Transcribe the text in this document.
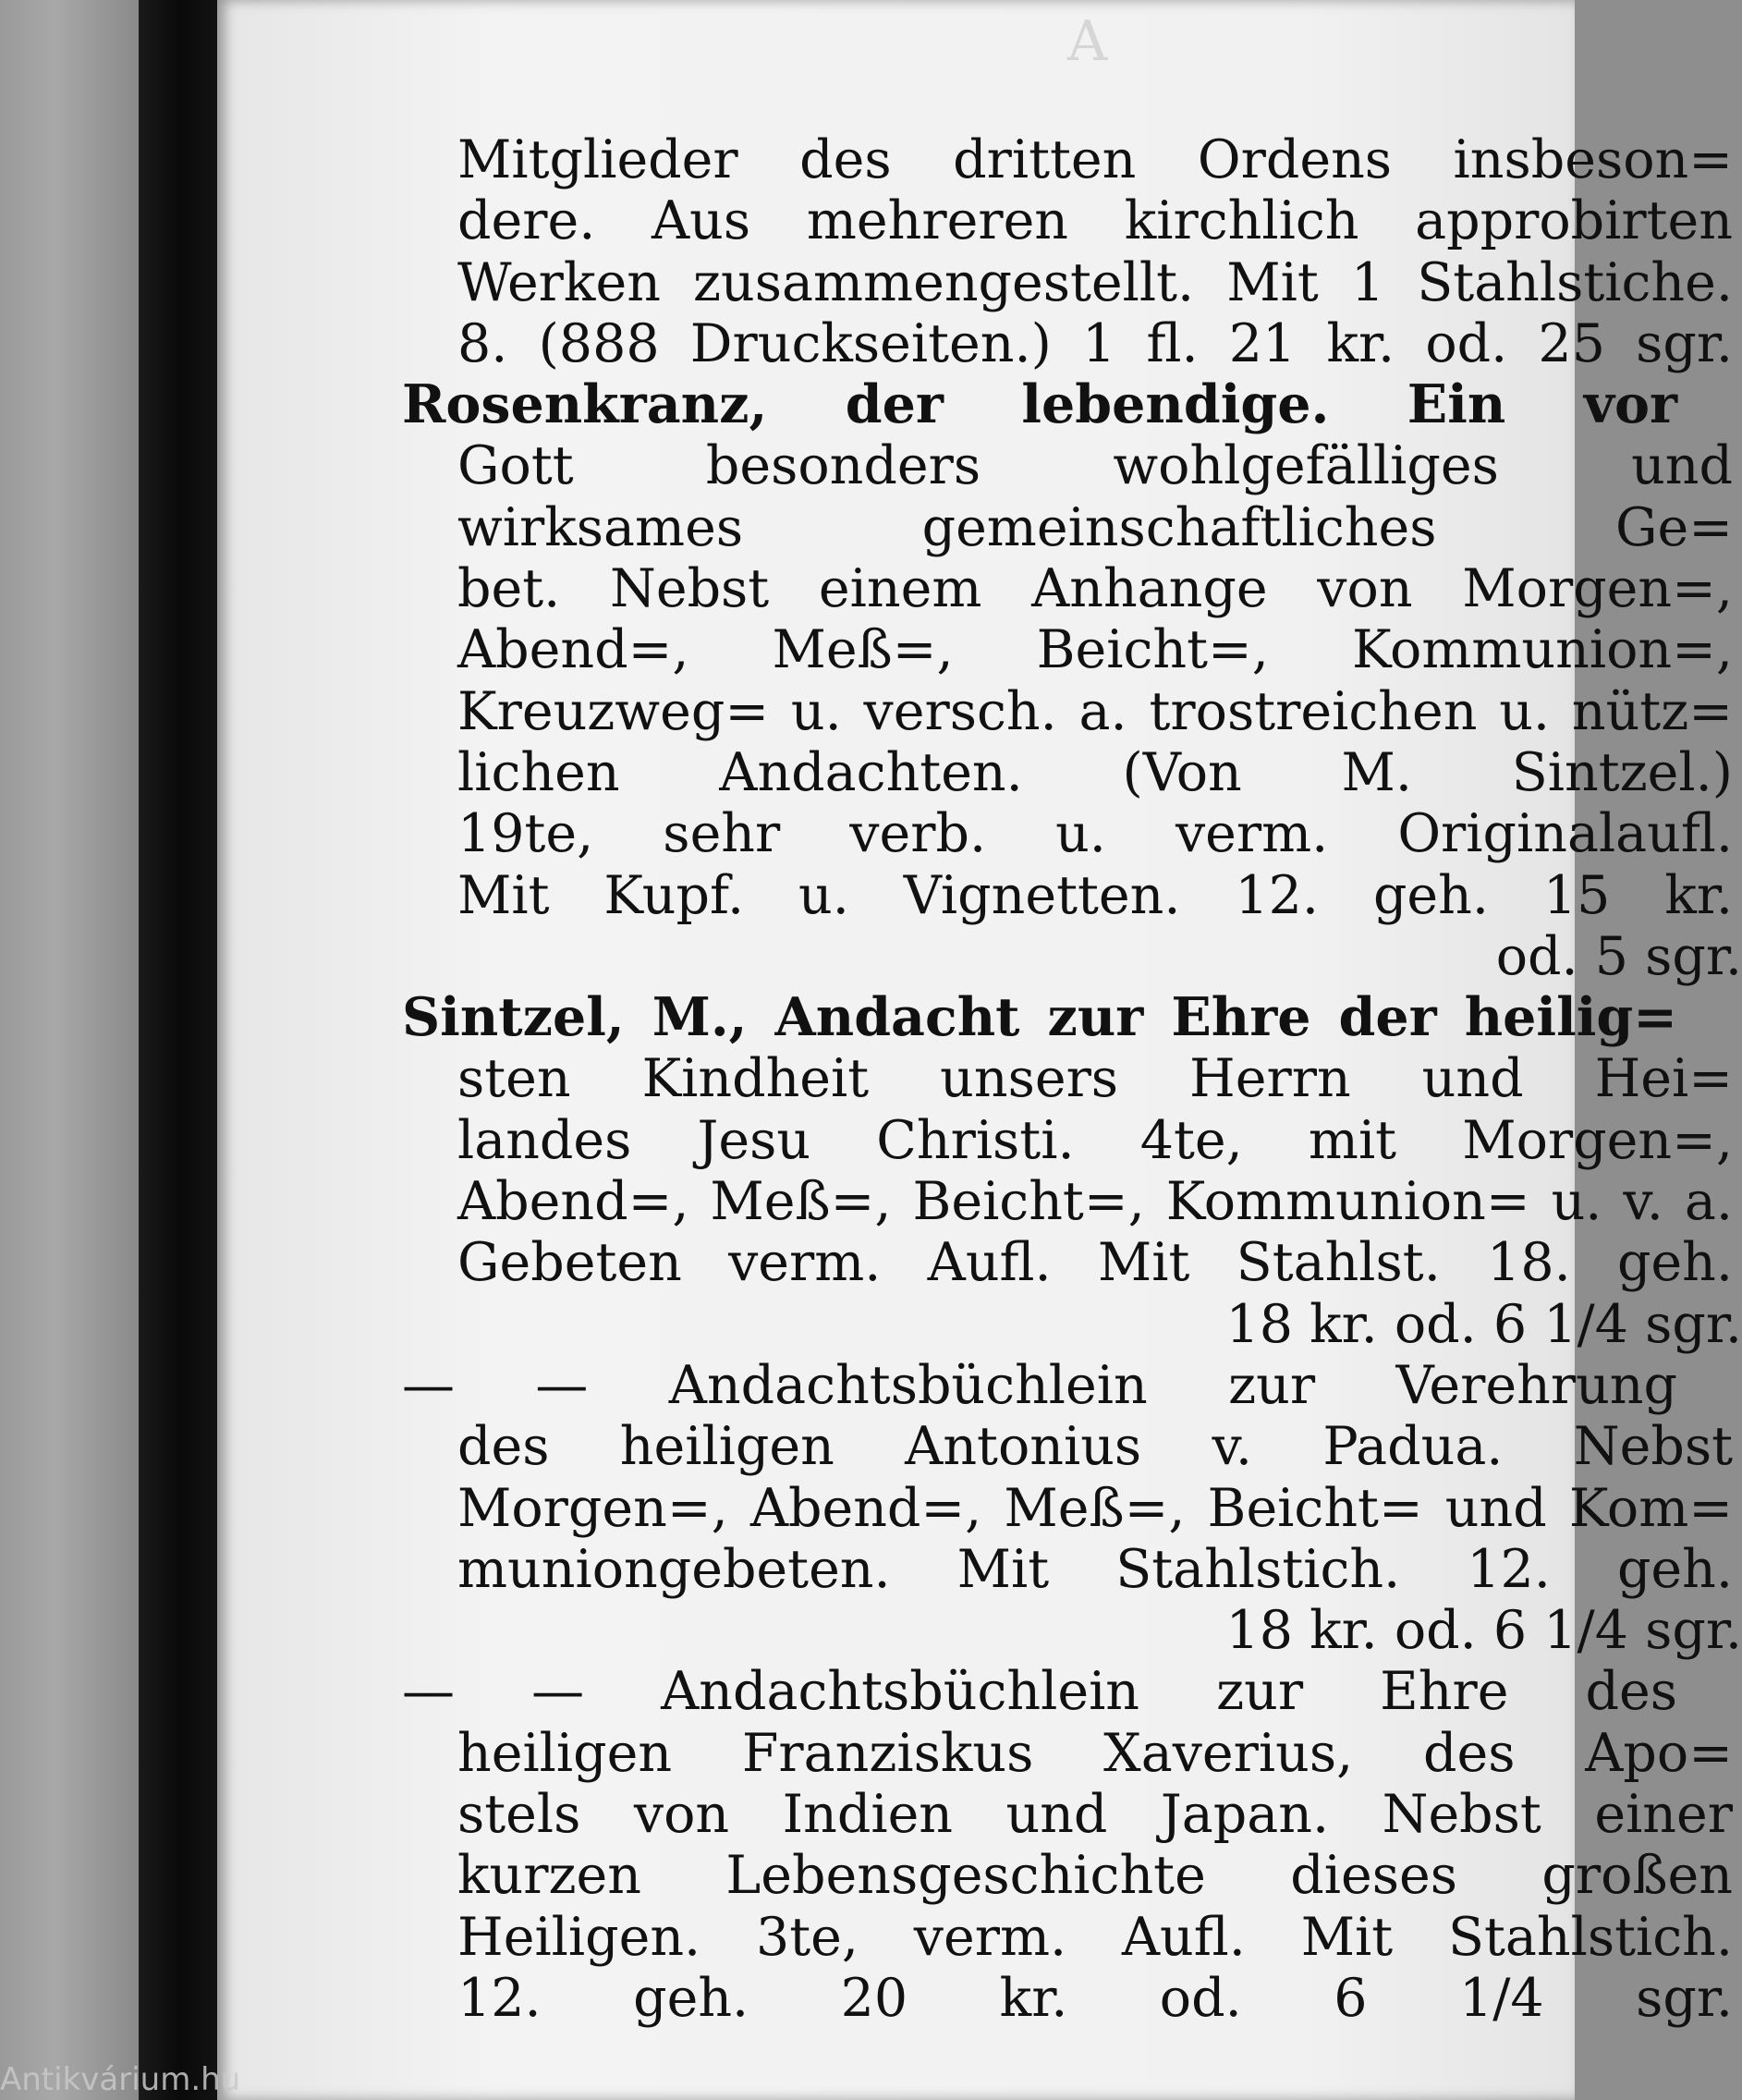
A
Mitglieder des dritten Ordens insbeson=
dere. Aus mehreren kirchlich approbirten
Werken zusammengestellt. Mit 1 Stahlstiche.
8. (888 Druckseiten.) 1 fl. 21 kr. od. 25 sgr.
Rosenkranz, der lebendige. Ein vor
Gott besonders wohlgefälliges und
wirksames gemeinschaftliches Ge=
bet. Nebst einem Anhange von Morgen=,
Abend=, Meß=, Beicht=, Kommunion=,
Kreuzweg= u. versch. a. trostreichen u. nütz=
lichen Andachten. (Von M. Sintzel.)
19te, sehr verb. u. verm. Originalaufl.
Mit Kupf. u. Vignetten. 12. geh. 15 kr.
od. 5 sgr.
Sintzel, M., Andacht zur Ehre der heilig=
sten Kindheit unsers Herrn und Hei=
landes Jesu Christi. 4te, mit Morgen=,
Abend=, Meß=, Beicht=, Kommunion= u. v. a.
Gebeten verm. Aufl. Mit Stahlst. 18. geh.
18 kr. od. 6 1/4 sgr.
— — Andachtsbüchlein zur Verehrung
des heiligen Antonius v. Padua. Nebst
Morgen=, Abend=, Meß=, Beicht= und Kom=
muniongebeten. Mit Stahlstich. 12. geh.
18 kr. od. 6 1/4 sgr.
— — Andachtsbüchlein zur Ehre des
heiligen Franziskus Xaverius, des Apo=
stels von Indien und Japan. Nebst einer
kurzen Lebensgeschichte dieses großen
Heiligen. 3te, verm. Aufl. Mit Stahlstich.
12. geh. 20 kr. od. 6 1/4 sgr.
Antikvárium.hu
